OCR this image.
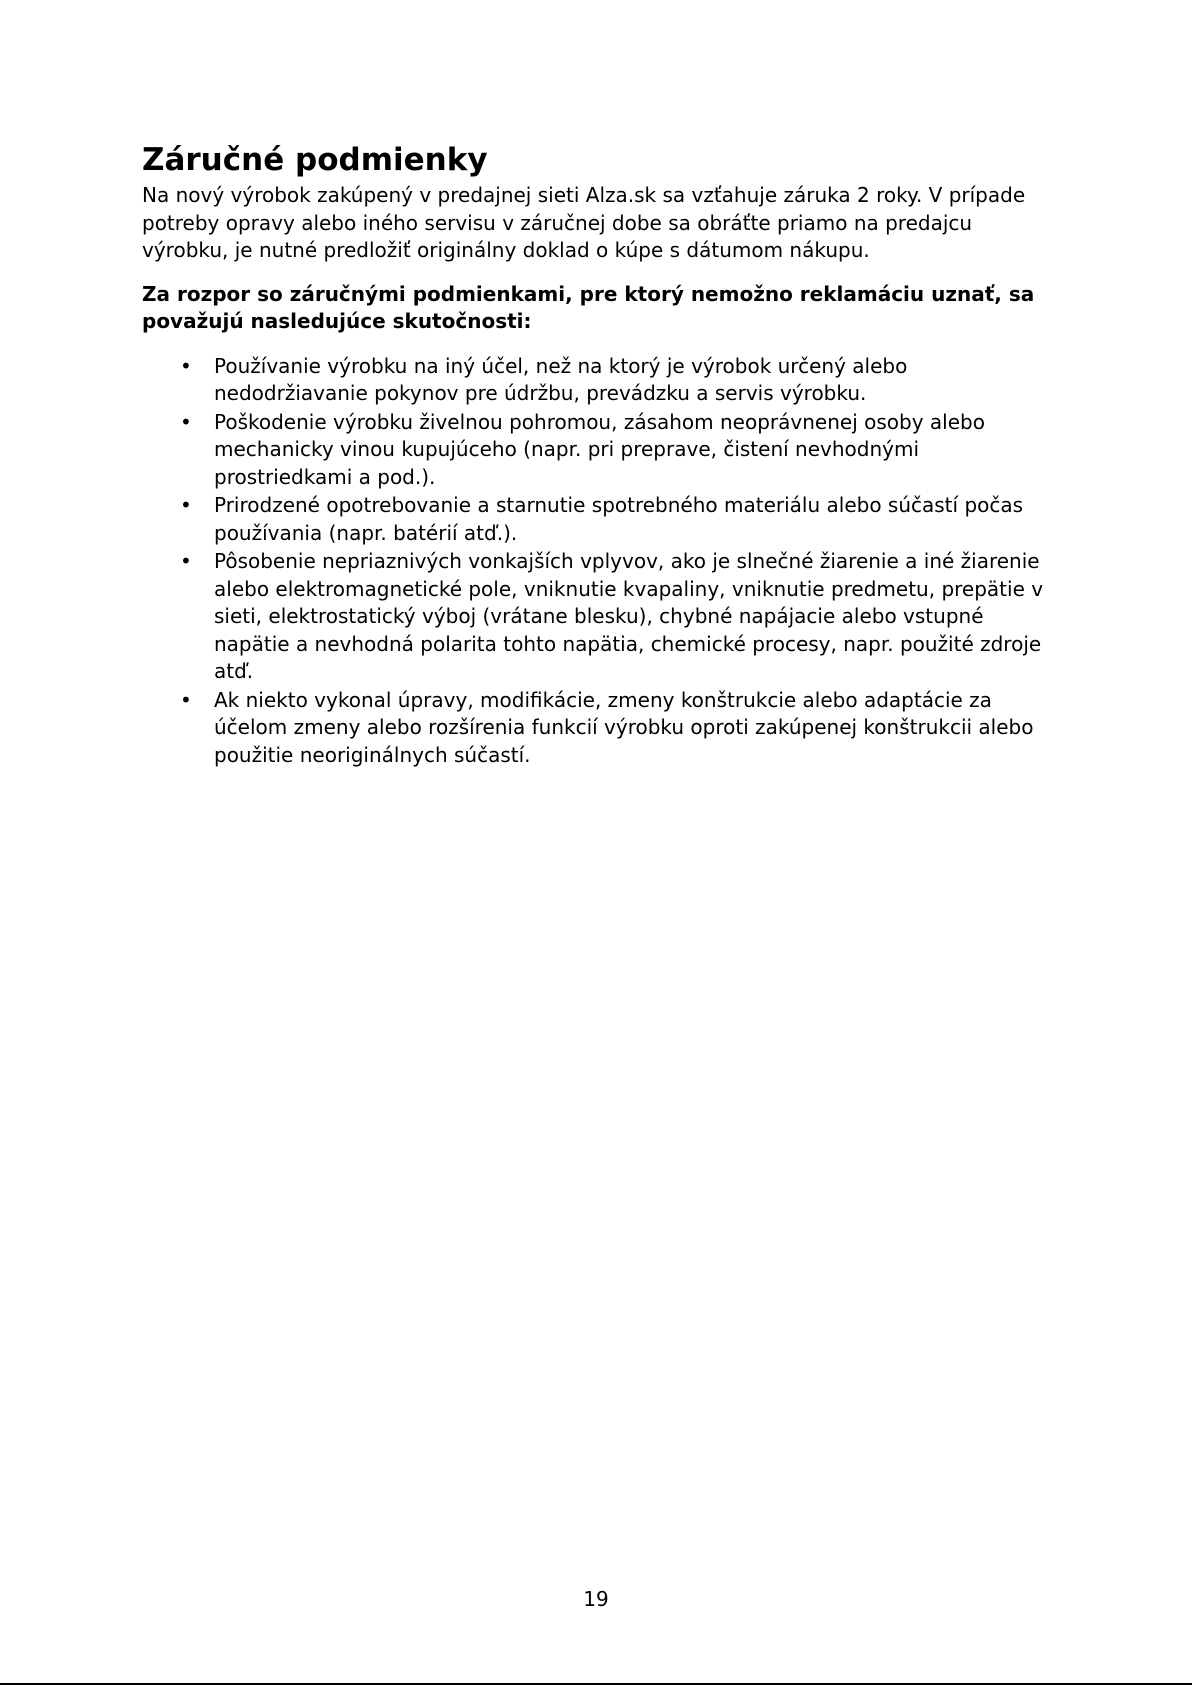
Záručné podmienky

Na nový výrobok zakúpený v predajnej sieti Alza.sk sa vzťahuje záruka 2 roky. V prípade potreby opravy alebo iného servisu v záručnej dobe sa obráťte priamo na predajcu výrobku, je nutné predložiť originálny doklad o kúpe s dátumom nákupu.

Za rozpor so záručnými podmienkami, pre ktorý nemožno reklamáciu uznať, sa považujú nasledujúce skutočnosti:

• Používanie výrobku na iný účel, než na ktorý je výrobok určený alebo nedodržiavanie pokynov pre údržbu, prevádzku a servis výrobku.
• Poškodenie výrobku živelnou pohromou, zásahom neoprávnenej osoby alebo mechanicky vinou kupujúceho (napr. pri preprave, čistení nevhodnými prostriedkami a pod.).
• Prirodzené opotrebovanie a starnutie spotrebného materiálu alebo súčastí počas používania (napr. batérií atď.).
• Pôsobenie nepriaznivých vonkajších vplyvov, ako je slnečné žiarenie a iné žiarenie alebo elektromagnetické pole, vniknutie kvapaliny, vniknutie predmetu, prepätie v sieti, elektrostatický výboj (vrátane blesku), chybné napájacie alebo vstupné napätie a nevhodná polarita tohto napätia, chemické procesy, napr. použité zdroje atď.
• Ak niekto vykonal úpravy, modifikácie, zmeny konštrukcie alebo adaptácie za účelom zmeny alebo rozšírenia funkcií výrobku oproti zakúpenej konštrukcii alebo použitie neoriginálnych súčastí.
19
